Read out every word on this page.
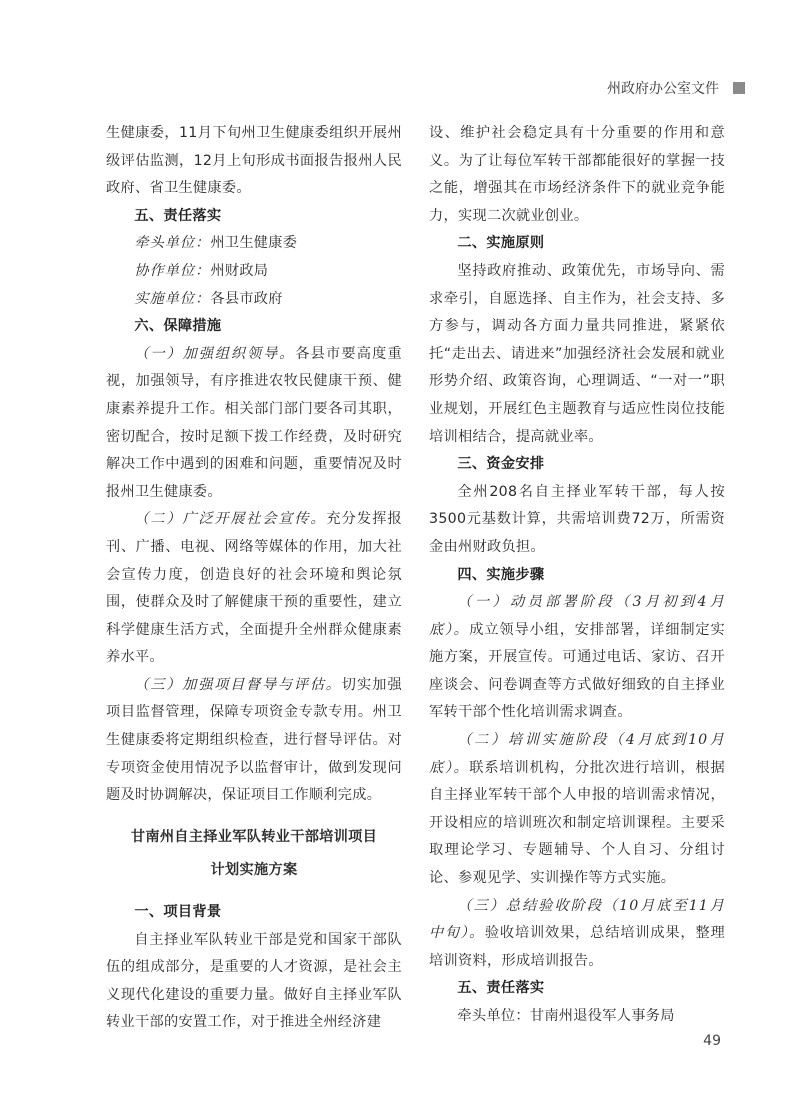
州政府办公室文件

生健康委，11月下旬州卫生健康委组织开展州级评估监测，12月上旬形成书面报告报州人民政府、省卫生健康委。

五、责任落实

牵头单位：州卫生健康委

协作单位：州财政局

实施单位：各县市政府

六、保障措施

（一）加强组织领导。各县市要高度重视，加强领导，有序推进农牧民健康干预、健康素养提升工作。相关部门部门要各司其职，密切配合，按时足额下拨工作经费，及时研究解决工作中遇到的困难和问题，重要情况及时报州卫生健康委。

（二）广泛开展社会宣传。充分发挥报刊、广播、电视、网络等媒体的作用，加大社会宣传力度，创造良好的社会环境和舆论氛围，使群众及时了解健康干预的重要性，建立科学健康生活方式，全面提升全州群众健康素养水平。

（三）加强项目督导与评估。切实加强项目监督管理，保障专项资金专款专用。州卫生健康委将定期组织检查，进行督导评估。对专项资金使用情况予以监督审计，做到发现问题及时协调解决，保证项目工作顺利完成。

甘南州自主择业军队转业干部培训项目

计划实施方案

一、项目背景

自主择业军队转业干部是党和国家干部队伍的组成部分，是重要的人才资源，是社会主义现代化建设的重要力量。做好自主择业军队转业干部的安置工作，对于推进全州经济建

设、维护社会稳定具有十分重要的作用和意义。为了让每位军转干部都能很好的掌握一技之能，增强其在市场经济条件下的就业竞争能力，实现二次就业创业。

二、实施原则

坚持政府推动、政策优先，市场导向、需求牵引，自愿选择、自主作为，社会支持、多方参与，调动各方面力量共同推进，紧紧依托“走出去、请进来”加强经济社会发展和就业形势介绍、政策咨询，心理调适、“一对一”职业规划，开展红色主题教育与适应性岗位技能培训相结合，提高就业率。

三、资金安排

全州208名自主择业军转干部，每人按3500元基数计算，共需培训费72万，所需资金由州财政负担。

四、实施步骤

（一）动员部署阶段（3月初到4月底）。成立领导小组，安排部署，详细制定实施方案，开展宣传。可通过电话、家访、召开座谈会、问卷调查等方式做好细致的自主择业军转干部个性化培训需求调查。

（二）培训实施阶段（4月底到10月底）。联系培训机构，分批次进行培训，根据自主择业军转干部个人申报的培训需求情况，开设相应的培训班次和制定培训课程。主要采取理论学习、专题辅导、个人自习、分组讨论、参观见学、实训操作等方式实施。

（三）总结验收阶段（10月底至11月中旬）。验收培训效果，总结培训成果，整理培训资料，形成培训报告。

五、责任落实

牵头单位：甘南州退役军人事务局

49
